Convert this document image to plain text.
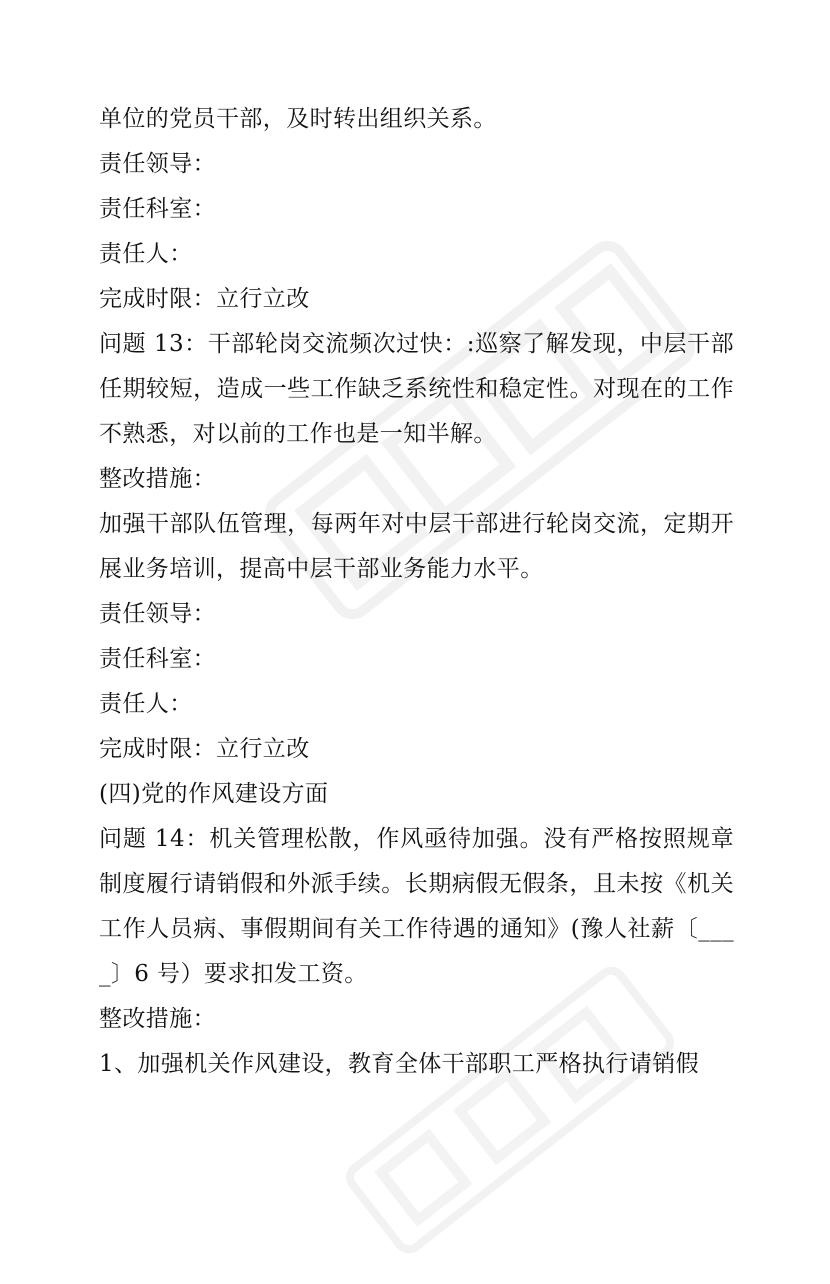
单位的党员干部，及时转出组织关系。
责任领导：
责任科室：
责任人：
完成时限：立行立改
问题 13：干部轮岗交流频次过快：:巡察了解发现，中层干部任期较短，造成一些工作缺乏系统性和稳定性。对现在的工作不熟悉，对以前的工作也是一知半解。
整改措施：
加强干部队伍管理，每两年对中层干部进行轮岗交流，定期开展业务培训，提高中层干部业务能力水平。
责任领导：
责任科室：
责任人：
完成时限：立行立改
(四)党的作风建设方面
问题 14：机关管理松散，作风亟待加强。没有严格按照规章制度履行请销假和外派手续。长期病假无假条，且未按《机关工作人员病、事假期间有关工作待遇的通知》(豫人社薪〔____〕6 号）要求扣发工资。
整改措施：
1、加强机关作风建设，教育全体干部职工严格执行请销假
